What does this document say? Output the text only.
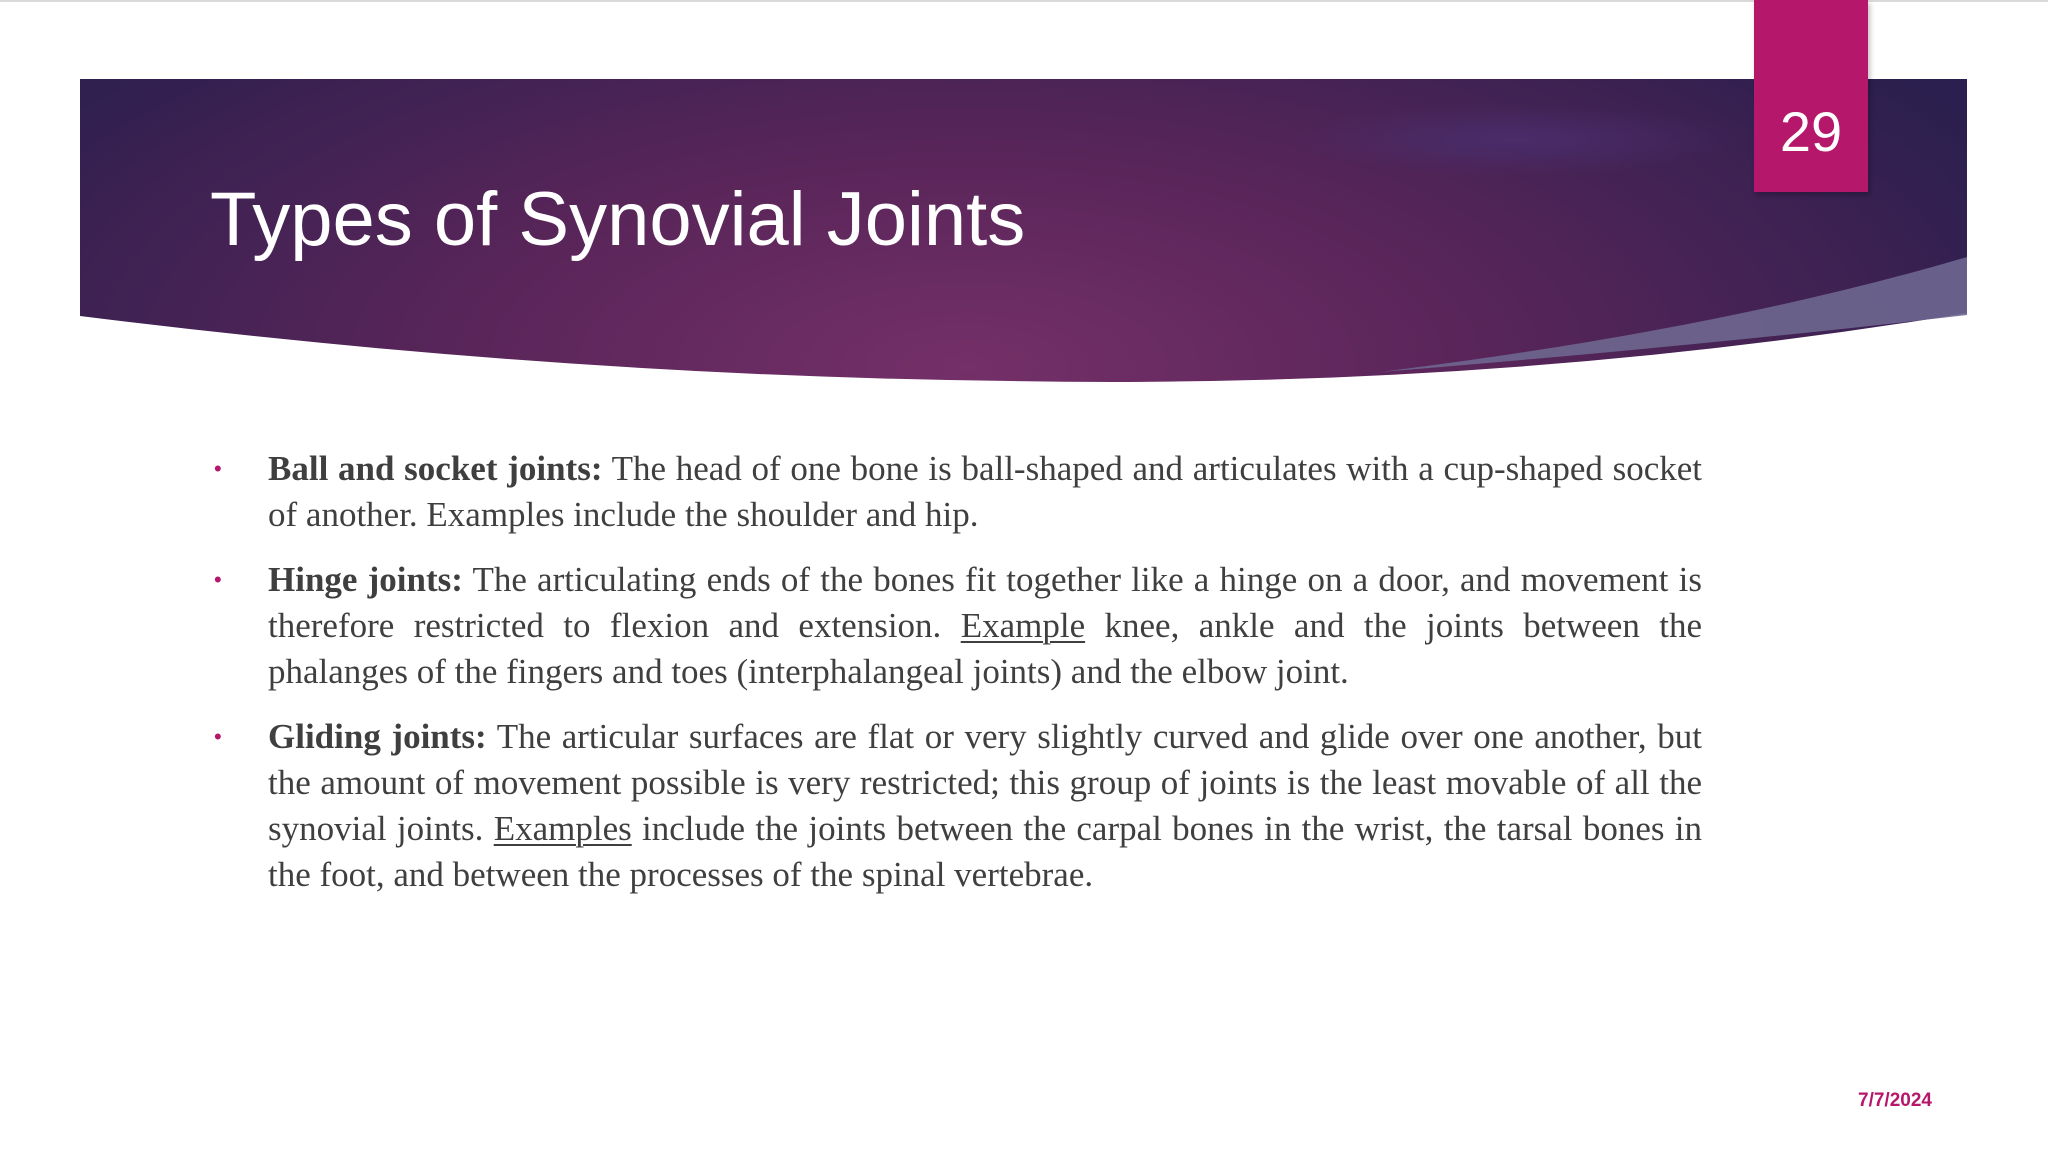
Types of Synovial Joints
29
• Ball and socket joints: The head of one bone is ball-shaped and articulates with a cup-shaped socket of another. Examples include the shoulder and hip.
• Hinge joints: The articulating ends of the bones fit together like a hinge on a door, and movement is therefore restricted to flexion and extension. Example knee, ankle and the joints between the phalanges of the fingers and toes (interphalangeal joints) and the elbow joint.
• Gliding joints: The articular surfaces are flat or very slightly curved and glide over one another, but the amount of movement possible is very restricted; this group of joints is the least movable of all the synovial joints. Examples include the joints between the carpal bones in the wrist, the tarsal bones in the foot, and between the processes of the spinal vertebrae.
7/7/2024
